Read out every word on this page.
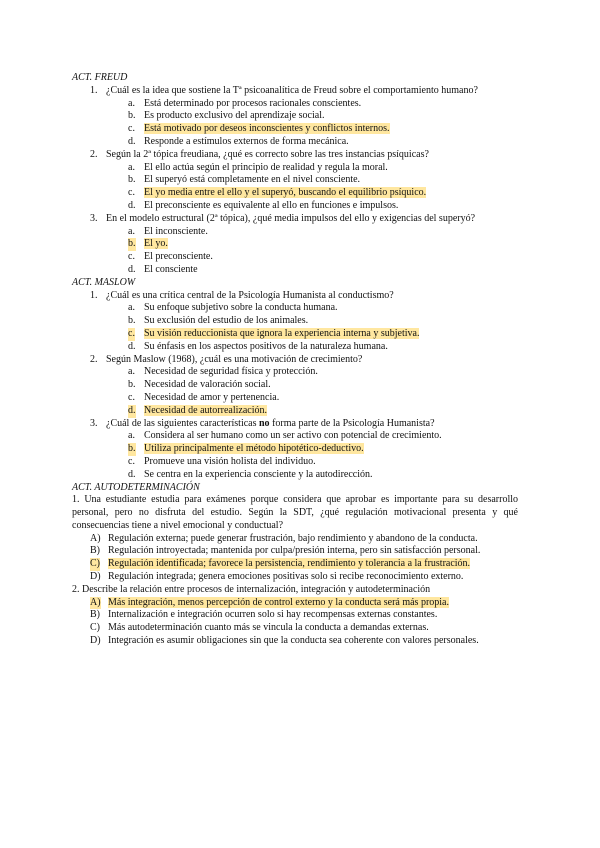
ACT. FREUD

1. ¿Cuál es la idea que sostiene la Tª psicoanalítica de Freud sobre el comportamiento humano?

a. Está determinado por procesos racionales conscientes.

b. Es producto exclusivo del aprendizaje social.

c. Está motivado por deseos inconscientes y conflictos internos.

d. Responde a estímulos externos de forma mecánica.

2. Según la 2ª tópica freudiana, ¿qué es correcto sobre las tres instancias psíquicas?

a. El ello actúa según el principio de realidad y regula la moral.

b. El superyó está completamente en el nivel consciente.

c. El yo media entre el ello y el superyó, buscando el equilibrio psíquico.

d. El preconsciente es equivalente al ello en funciones e impulsos.

3. En el modelo estructural (2ª tópica), ¿qué media impulsos del ello y exigencias del superyó?

a. El inconsciente.

b. El yo.

c. El preconsciente.

d. El consciente

ACT. MASLOW

1. ¿Cuál es una crítica central de la Psicología Humanista al conductismo?

a. Su enfoque subjetivo sobre la conducta humana.

b. Su exclusión del estudio de los animales.

c. Su visión reduccionista que ignora la experiencia interna y subjetiva.

d. Su énfasis en los aspectos positivos de la naturaleza humana.

2. Según Maslow (1968), ¿cuál es una motivación de crecimiento?

a. Necesidad de seguridad física y protección.

b. Necesidad de valoración social.

c. Necesidad de amor y pertenencia.

d. Necesidad de autorrealización.

3. ¿Cuál de las siguientes características no forma parte de la Psicología Humanista?

a. Considera al ser humano como un ser activo con potencial de crecimiento.

b. Utiliza principalmente el método hipotético-deductivo.

c. Promueve una visión holista del individuo.

d. Se centra en la experiencia consciente y la autodirección.

ACT. AUTODETERMINACIÓN

1. Una estudiante estudia para exámenes porque considera que aprobar es importante para su desarrollo personal, pero no disfruta del estudio. Según la SDT, ¿qué regulación motivacional presenta y qué consecuencias tiene a nivel emocional y conductual?

A) Regulación externa; puede generar frustración, bajo rendimiento y abandono de la conducta.

B) Regulación introyectada; mantenida por culpa/presión interna, pero sin satisfacción personal.

C) Regulación identificada; favorece la persistencia, rendimiento y tolerancia a la frustración.

D) Regulación integrada; genera emociones positivas solo si recibe reconocimiento externo.

2. Describe la relación entre procesos de internalización, integración y autodeterminación

A) Más integración, menos percepción de control externo y la conducta será más propia.

B) Internalización e integración ocurren solo si hay recompensas externas constantes.

C) Más autodeterminación cuanto más se vincula la conducta a demandas externas.

D) Integración es asumir obligaciones sin que la conducta sea coherente con valores personales.
